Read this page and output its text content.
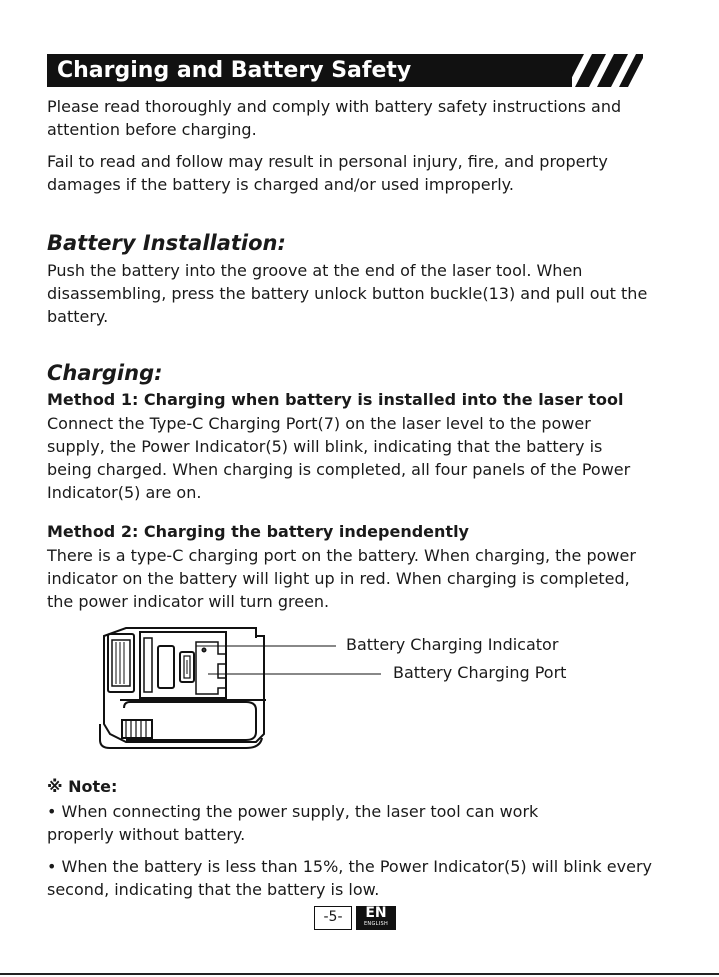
Charging and Battery Safety

Please read thoroughly and comply with battery safety instructions and attention before charging.

Fail to read and follow may result in personal injury, fire, and property damages if the battery is charged and/or used improperly.

Battery Installation:

Push the battery into the groove at the end of the laser tool. When disassembling, press the battery unlock button buckle(13) and pull out the battery.

Charging:

Method 1: Charging when battery is installed into the laser tool

Connect the Type-C Charging Port(7) on the laser level to the power supply, the Power Indicator(5) will blink, indicating that the battery is being charged. When charging is completed, all four panels of the Power Indicator(5) are on.

Method 2: Charging the battery independently

There is a type-C charging port on the battery. When charging, the power indicator on the battery will light up in red. When charging is completed, the power indicator will turn green.

Battery Charging Indicator
Battery Charging Port
※ Note:

• When connecting the power supply, the laser tool can work properly without battery.

• When the battery is less than 15%, the Power Indicator(5) will blink every second, indicating that the battery is low.

-5-	EN
ENGLISH
